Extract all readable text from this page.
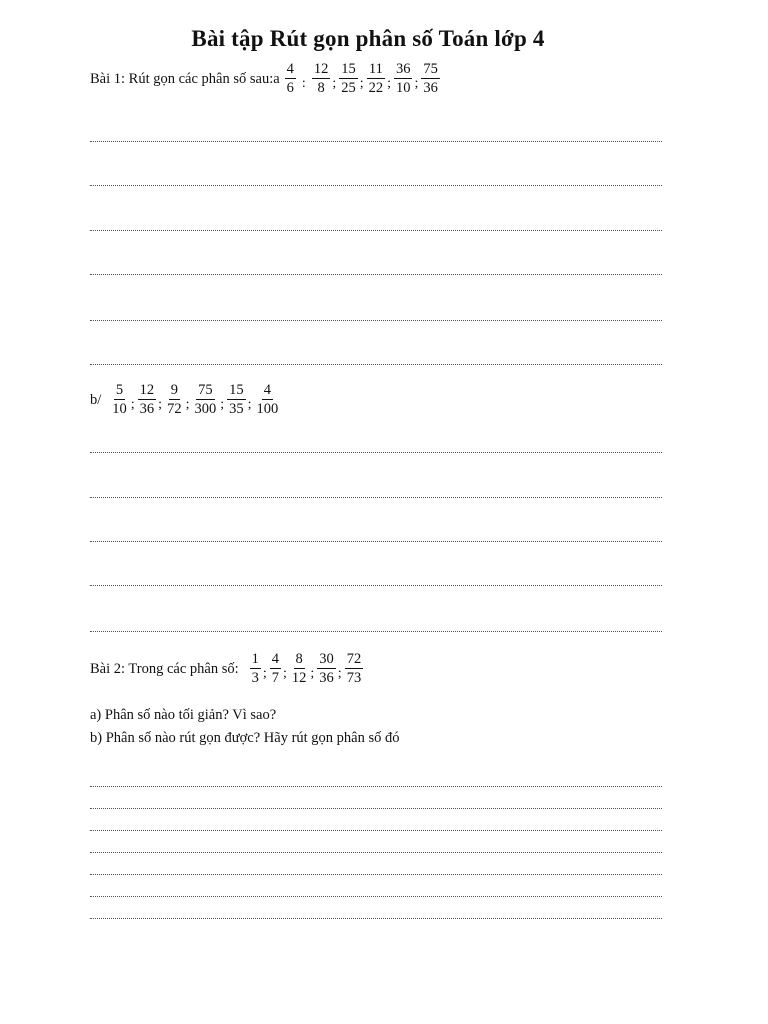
Bài tập Rút gọn phân số Toán lớp 4
Bài 1: Rút gọn các phân số sau:a $\frac{4}{6}$ : $\frac{12}{8}$ ; $\frac{15}{25}$ ; $\frac{11}{22}$ ; $\frac{36}{10}$ ; $\frac{75}{36}$
$b/ \frac{5}{10}$ ; $\frac{12}{36}$ ; $\frac{9}{72}$ ; $\frac{75}{300}$ ; $\frac{15}{35}$ ; $\frac{4}{100}$
Bài 2: Trong các phân số: $\frac{1}{3}$ ; $\frac{4}{7}$ ; $\frac{8}{12}$ ; $\frac{30}{36}$ ; $\frac{72}{73}$
a) Phân số nào tối giản? Vì sao?
b) Phân số nào rút gọn được? Hãy rút gọn phân số đó
